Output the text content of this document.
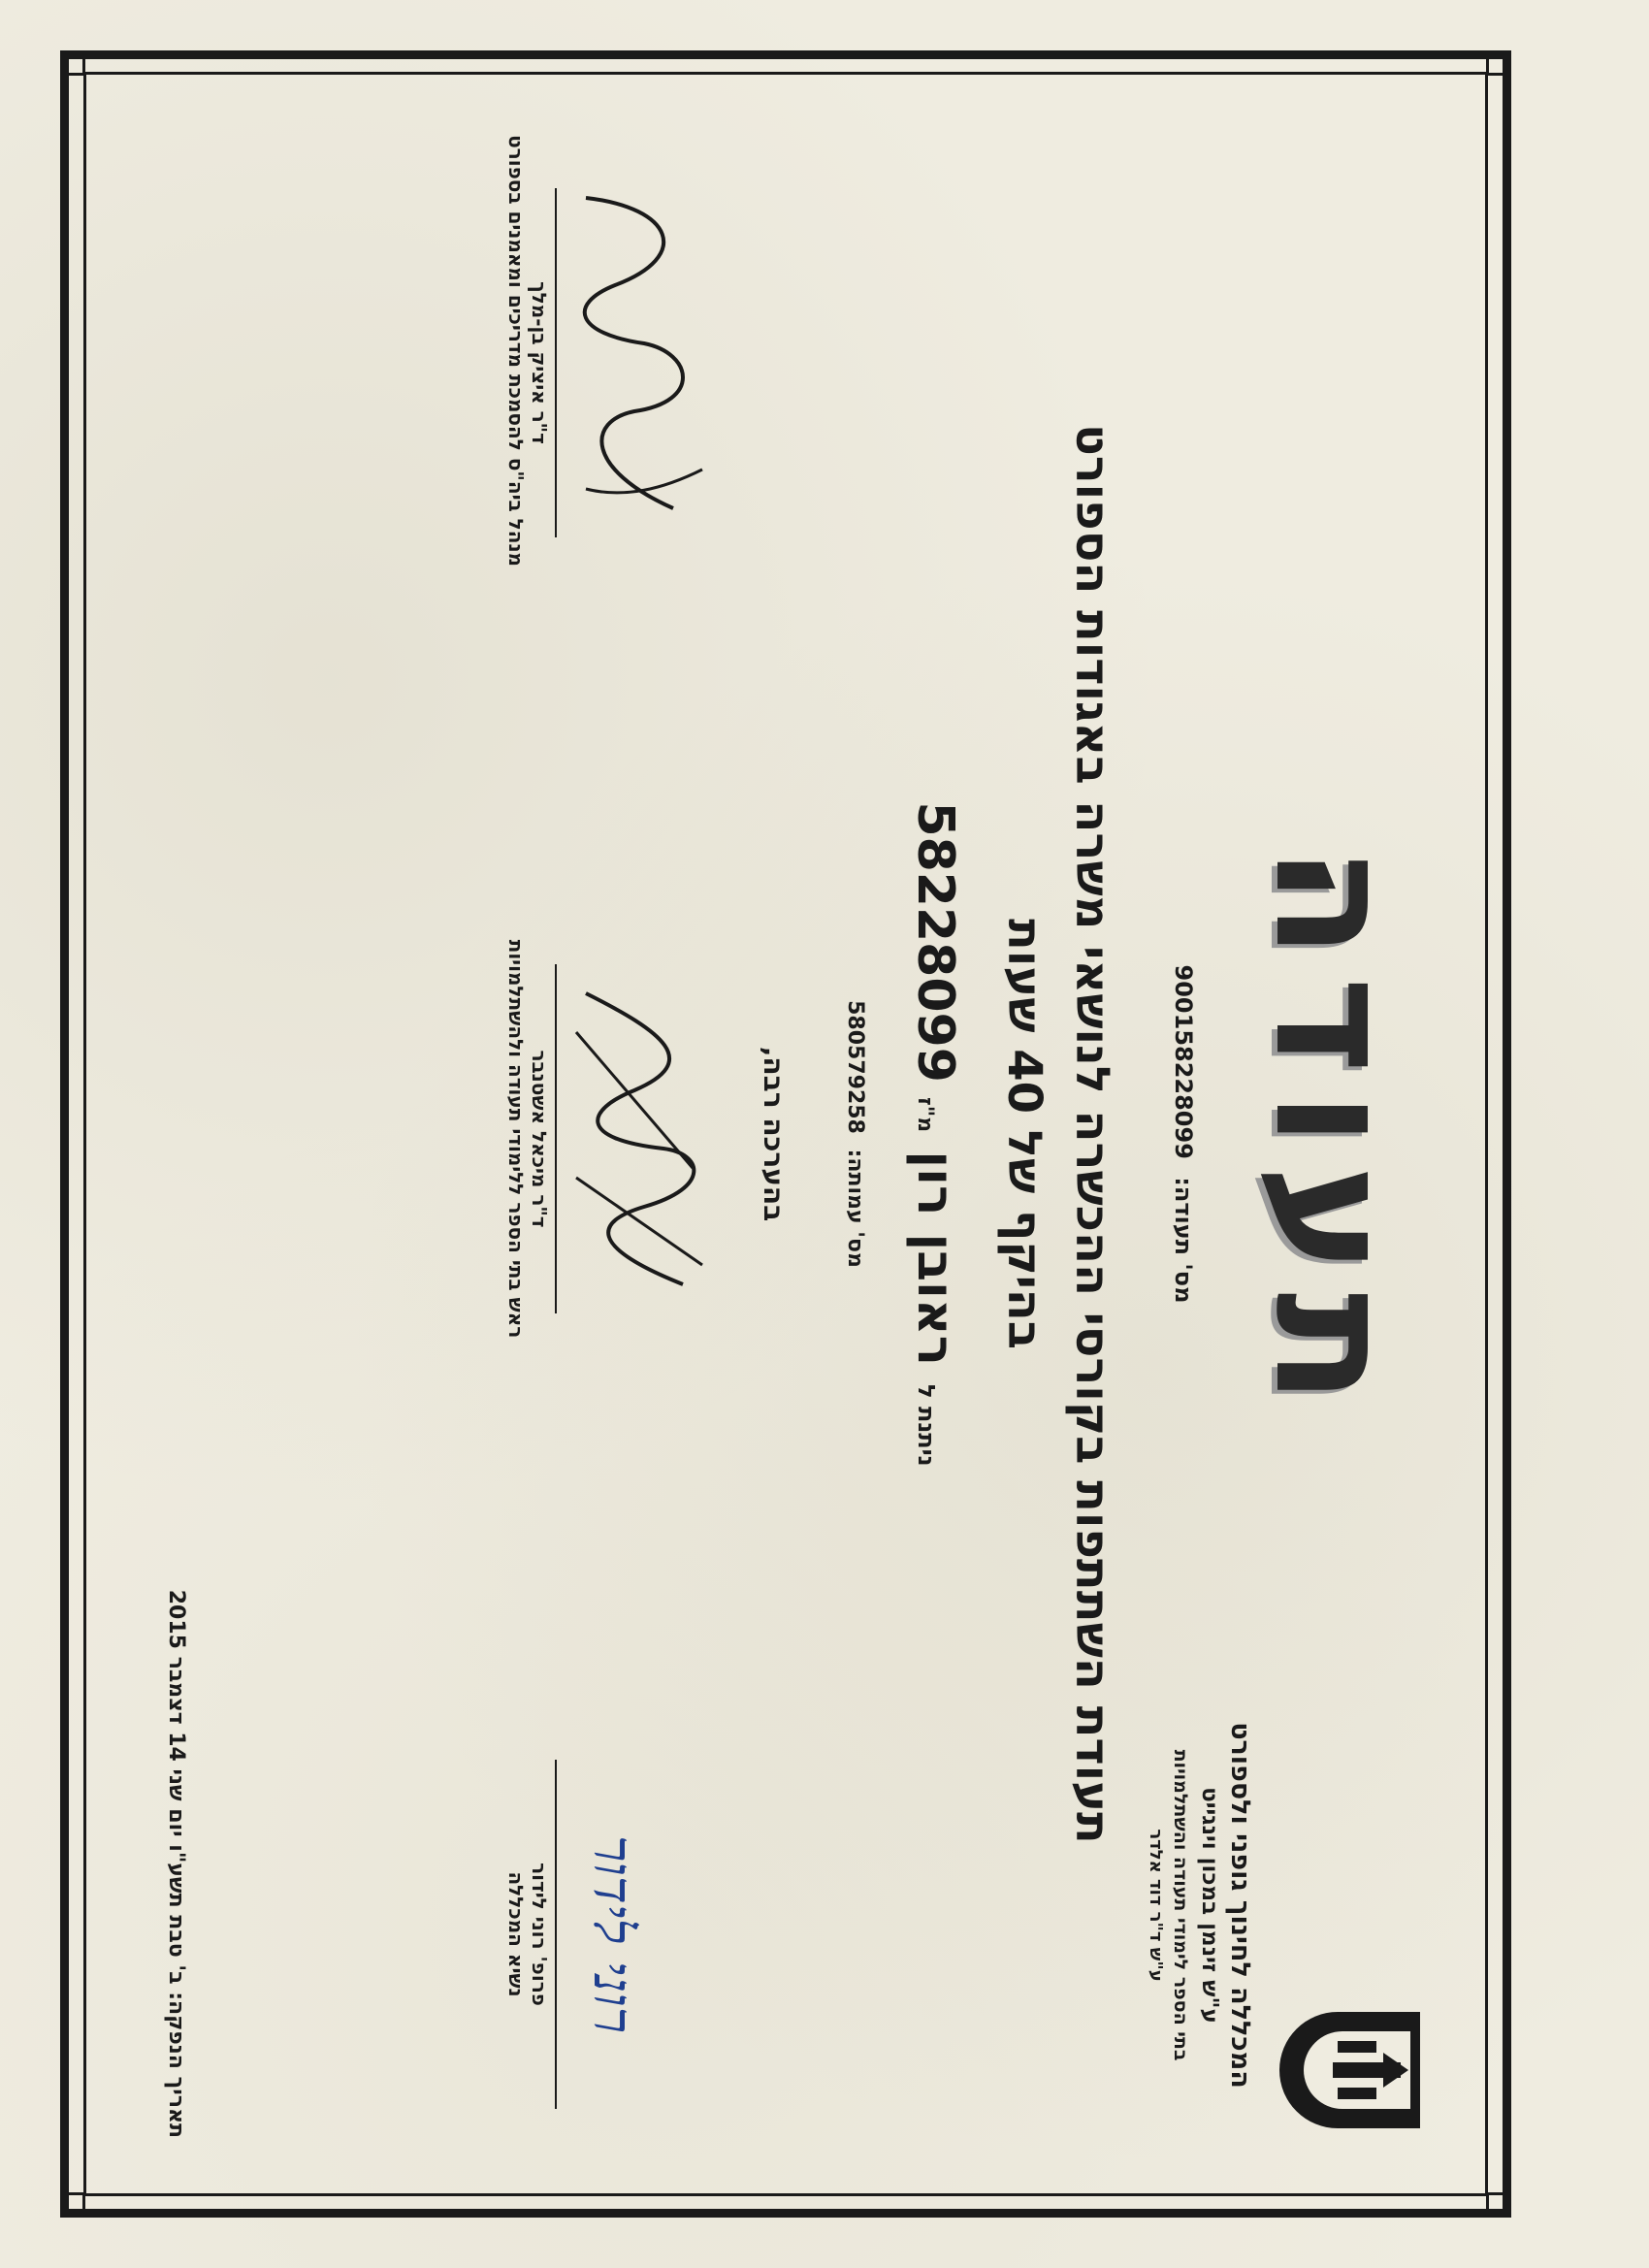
המכללה לחינוך גופני ולספורט
ע"ש זינמן במכון וינגייט
בתי הספר לימודי תעודה והשתלמויות
ע"ש ד"ר דוד אלדר
תעודה
מס' תעודה: 900158228099
תעודת השתתפות בקורסי ההכשרה לנושאי משרה באגודות הספורט
בהיקף של 40 שעות
ניתנת ל ראובן רון מ"ז 58228099
מס' עמותה: 580579258
בהערכה רבה,
רוני לידור
פרופ' רוני לידור
נשיא המכללה
ד"ר מיכאל אשטנבר
ראש בתי הספר ללימודי תעודה ולהשתלמויות
ד"ר איציק בן-מלך
מנהל ביה"ס להסמכת מדריכים ומאמנים בספורט
תאריך הנפקה: ב' טבת תשע"ו יום שני 14 דצמבר 2015
